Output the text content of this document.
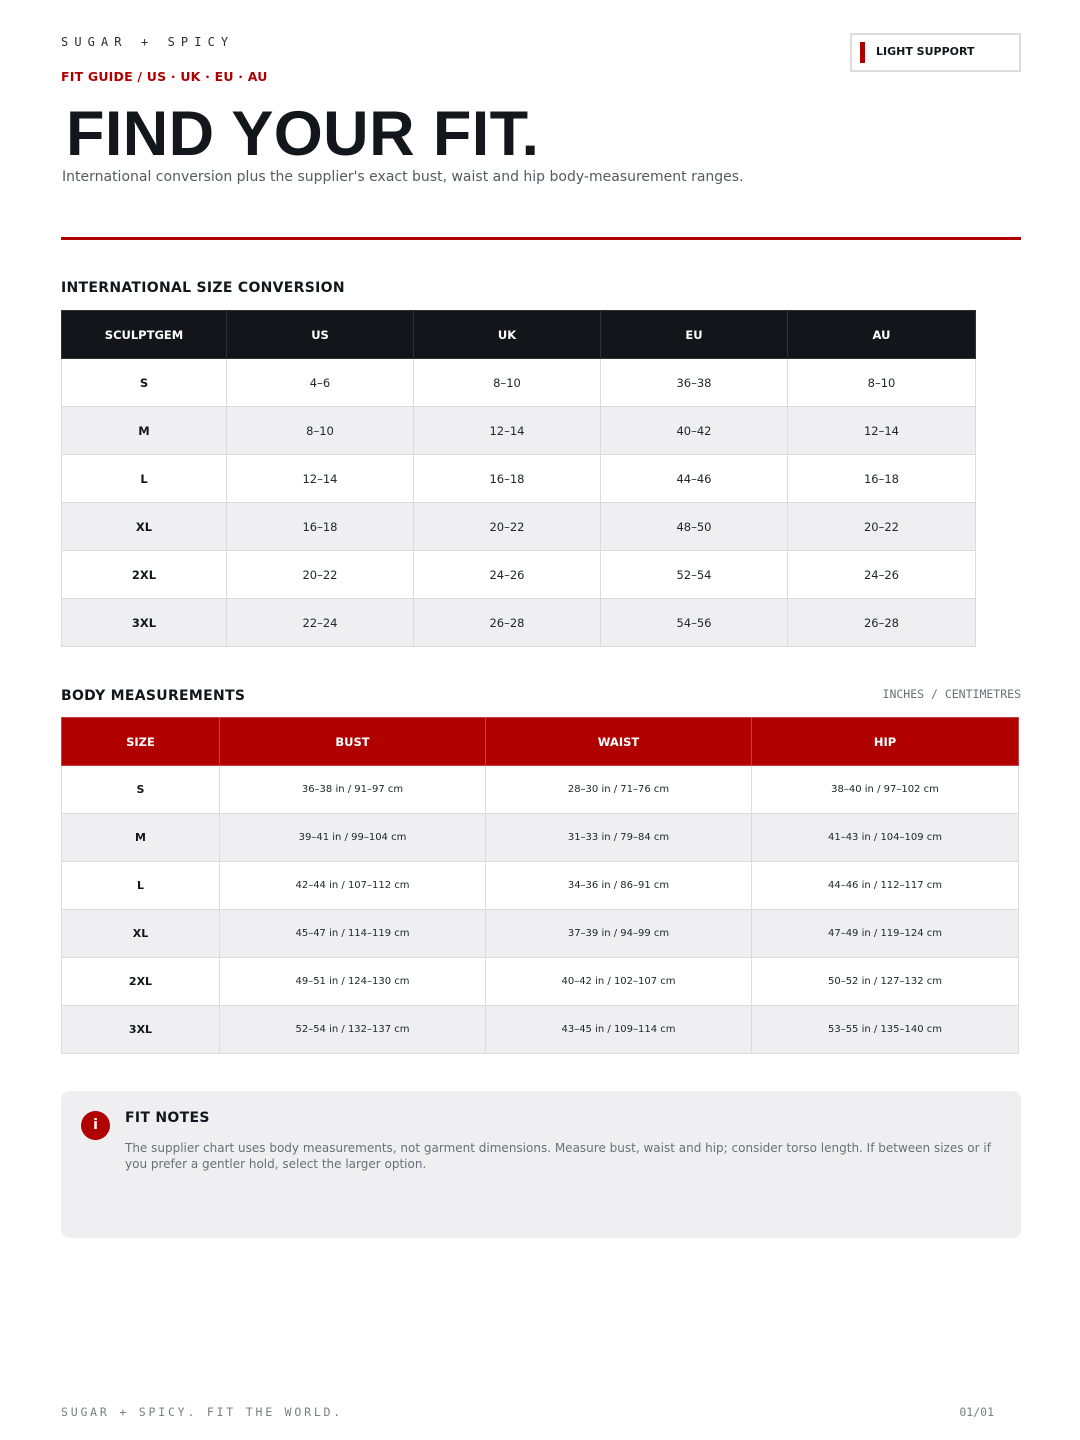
SUGAR + SPICY
FIT GUIDE / US · UK · EU · AU
LIGHT SUPPORT
FIND YOUR FIT.
International conversion plus the supplier's exact bust, waist and hip body-measurement ranges.
INTERNATIONAL SIZE CONVERSION
SCULPTGEM	US	UK	EU	AU
S	4–6	8–10	36–38	8–10
M	8–10	12–14	40–42	12–14
L	12–14	16–18	44–46	16–18
XL	16–18	20–22	48–50	20–22
2XL	20–22	24–26	52–54	24–26
3XL	22–24	26–28	54–56	26–28
BODY MEASUREMENTS	INCHES / CENTIMETRES
SIZE	BUST	WAIST	HIP
S	36–38 in / 91–97 cm	28–30 in / 71–76 cm	38–40 in / 97–102 cm
M	39–41 in / 99–104 cm	31–33 in / 79–84 cm	41–43 in / 104–109 cm
L	42–44 in / 107–112 cm	34–36 in / 86–91 cm	44–46 in / 112–117 cm
XL	45–47 in / 114–119 cm	37–39 in / 94–99 cm	47–49 in / 119–124 cm
2XL	49–51 in / 124–130 cm	40–42 in / 102–107 cm	50–52 in / 127–132 cm
3XL	52–54 in / 132–137 cm	43–45 in / 109–114 cm	53–55 in / 135–140 cm
i	FIT NOTES

The supplier chart uses body measurements, not garment dimensions. Measure bust, waist and hip; consider torso length. If between sizes or if you prefer a gentler hold, select the larger option.

SUGAR + SPICY. FIT THE WORLD.	01/01
